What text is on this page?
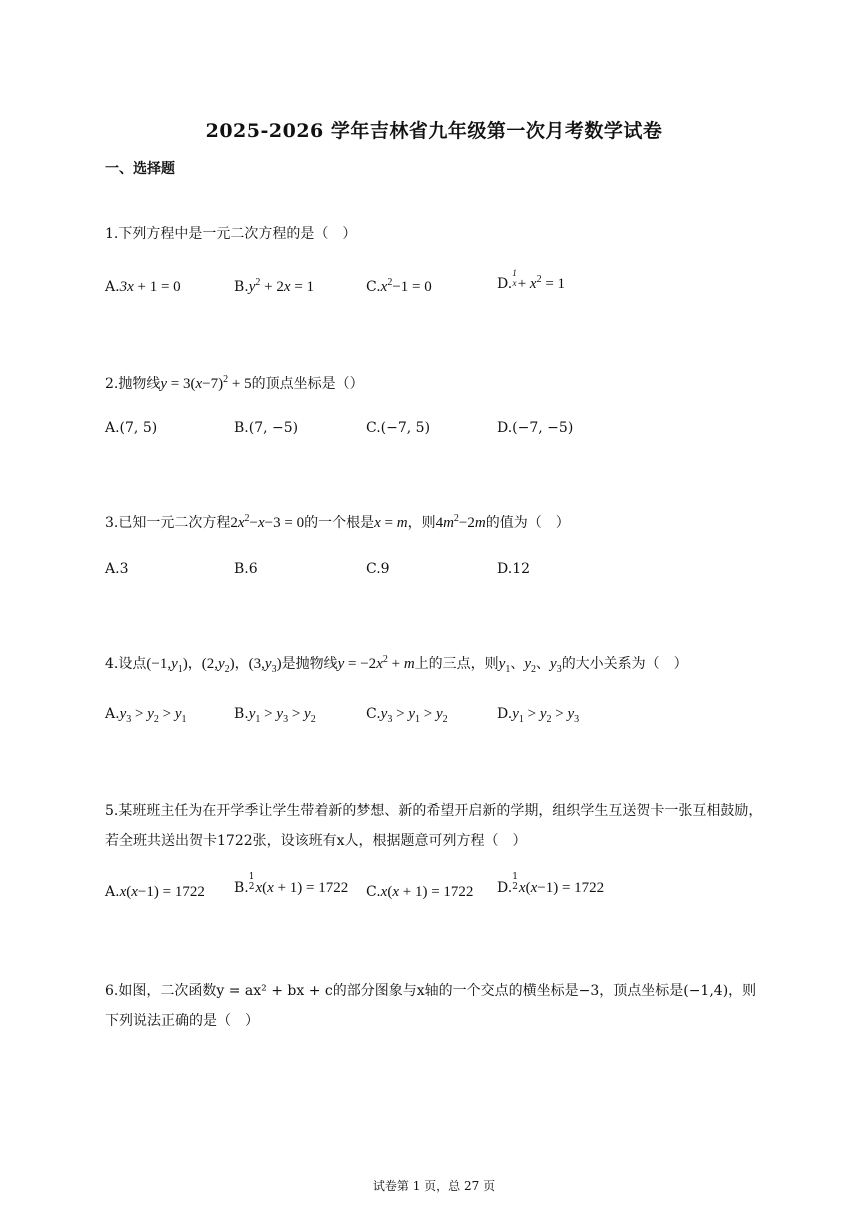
2025-2026 学年吉林省九年级第一次月考数学试卷
一、选择题
1.下列方程中是一元二次方程的是（　）
A.3x + 1 = 0	$B.y^2 + 2x = 1$	$C.x^2-1 = 0$	D.
1
$x + x^2 = 1$
2.抛物线$y = 3(x-7)^2 + 5$的顶点坐标是（）
A.(7, 5)	B.(7, −5)	C.(−7, 5)	D.(−7, −5)
3.已知一元二次方程$2x^2-x-3 = 0$的一个根是x = m，则$4m^2-2m$的值为（　）
A.3	B.6	C.9	D.12
4.设点$(-1,y_1)$，$(2,y_2)$，$(3,y_3)$是抛物线$y = -2x^2 + m$上的三点，则$y_1$、$y_2$、$y_3$的大小关系为（　）
$A.y_3 > y_2 > y_1$	$B.y_1 > y_3 > y_2$	$C.y_3 > y_1 > y_2$	$D.y_1 > y_2 > y_3$
5.某班班主任为在开学季让学生带着新的梦想、新的希望开启新的学期，组织学生互送贺卡一张互相鼓励，若全班共送出贺卡1722张，设该班有x人，根据题意可列方程（　）
A.x(x−1) = 1722 B.
1
2 x(x + 1) = 1722 C.x(x + 1) = 1722 D.
1
2 x(x−1) = 1722
6.如图，二次函数y = ax² + bx + c的部分图象与x轴的一个交点的横坐标是−3，顶点坐标是(−1,4)，则下列说法正确的是（　）
试卷第 1 页，总 27 页
